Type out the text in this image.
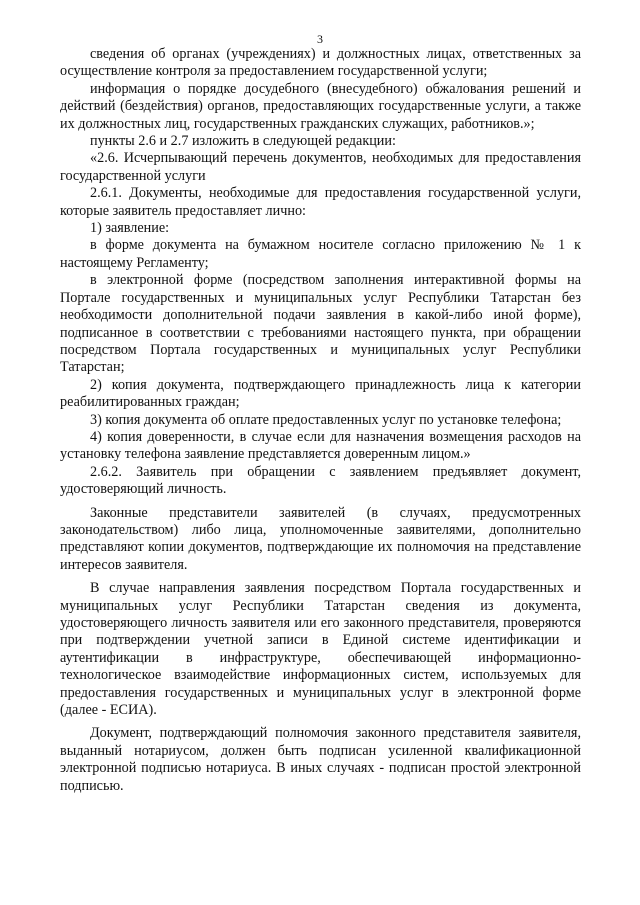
3

сведения об органах (учреждениях) и должностных лицах, ответственных за осуществление контроля за предоставлением государственной услуги;

информация о порядке досудебного (внесудебного) обжалования решений и действий (бездействия) органов, предоставляющих государственные услуги, а также их должностных лиц, государственных гражданских служащих, работников.»;

пункты 2.6 и 2.7 изложить в следующей редакции:

«2.6. Исчерпывающий перечень документов, необходимых для предоставления государственной услуги

2.6.1. Документы, необходимые для предоставления государственной услуги, которые заявитель предоставляет лично:

1) заявление:

в форме документа на бумажном носителе согласно приложению № 1 к настоящему Регламенту;

в электронной форме (посредством заполнения интерактивной формы на Портале государственных и муниципальных услуг Республики Татарстан без необходимости дополнительной подачи заявления в какой-либо иной форме), подписанное в соответствии с требованиями настоящего пункта, при обращении посредством Портала государственных и муниципальных услуг Республики Татарстан;

2) копия документа, подтверждающего принадлежность лица к категории реабилитированных граждан;

3) копия документа об оплате предоставленных услуг по установке телефона;

4) копия доверенности, в случае если для назначения возмещения расходов на установку телефона заявление представляется доверенным лицом.»

2.6.2. Заявитель при обращении с заявлением предъявляет документ, удостоверяющий личность.

Законные представители заявителей (в случаях, предусмотренных законодательством) либо лица, уполномоченные заявителями, дополнительно представляют копии документов, подтверждающие их полномочия на представление интересов заявителя.

В случае направления заявления посредством Портала государственных и муниципальных услуг Республики Татарстан сведения из документа, удостоверяющего личность заявителя или его законного представителя, проверяются при подтверждении учетной записи в Единой системе идентификации и аутентификации в инфраструктуре, обеспечивающей информационно-технологическое взаимодействие информационных систем, используемых для предоставления государственных и муниципальных услуг в электронной форме (далее - ЕСИА).

Документ, подтверждающий полномочия законного представителя заявителя, выданный нотариусом, должен быть подписан усиленной квалификационной электронной подписью нотариуса. В иных случаях - подписан простой электронной подписью.
